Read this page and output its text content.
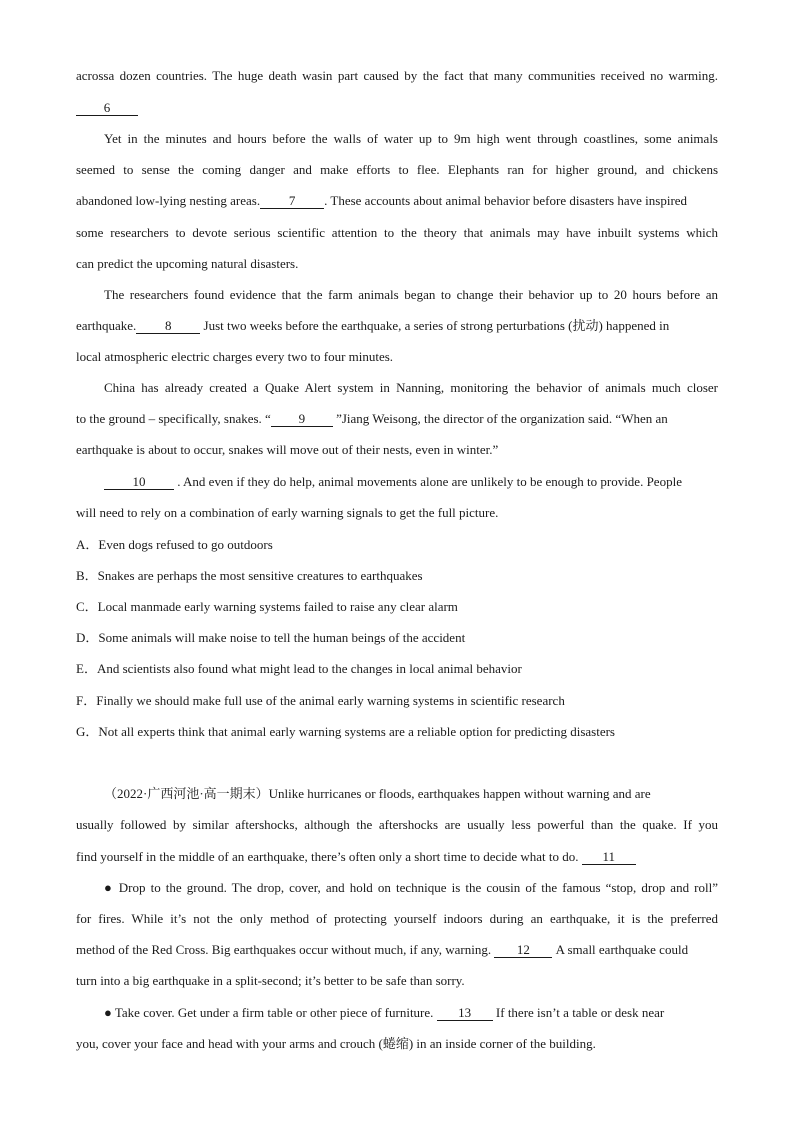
acrossa dozen countries. The huge death wasin part caused by the fact that many communities received no warming.
6
Yet in the minutes and hours before the walls of water up to 9m high went through coastlines, some animals
seemed to sense the coming danger and make efforts to flee. Elephants ran for higher ground, and chickens
abandoned low-lying nesting areas. 7 . These accounts about animal behavior before disasters have inspired
some researchers to devote serious scientific attention to the theory that animals may have inbuilt systems which
can predict the upcoming natural disasters.
The researchers found evidence that the farm animals began to change their behavior up to 20 hours before an
earthquake. 8 Just two weeks before the earthquake, a series of strong perturbations (扰动) happened in
local atmospheric electric charges every two to four minutes.
China has already created a Quake Alert system in Nanning, monitoring the behavior of animals much closer
to the ground – specifically, snakes. “ 9 ”Jiang Weisong, the director of the organization said. “When an
earthquake is about to occur, snakes will move out of their nests, even in winter.”
10 . And even if they do help, animal movements alone are unlikely to be enough to provide. People
will need to rely on a combination of early warning signals to get the full picture.
A．Even dogs refused to go outdoors
B．Snakes are perhaps the most sensitive creatures to earthquakes
C．Local manmade early warning systems failed to raise any clear alarm
D．Some animals will make noise to tell the human beings of the accident
E．And scientists also found what might lead to the changes in local animal behavior
F．Finally we should make full use of the animal early warning systems in scientific research
G．Not all experts think that animal early warning systems are a reliable option for predicting disasters
（2022·广西河池·高一期末）Unlike hurricanes or floods, earthquakes happen without warning and are
usually followed by similar aftershocks, although the aftershocks are usually less powerful than the quake. If you
find yourself in the middle of an earthquake, there’s often only a short time to decide what to do. 11
● Drop to the ground. The drop, cover, and hold on technique is the cousin of the famous “stop, drop and roll”
for fires. While it’s not the only method of protecting yourself indoors during an earthquake, it is the preferred
method of the Red Cross. Big earthquakes occur without much, if any, warning. 12 A small earthquake could
turn into a big earthquake in a split-second; it’s better to be safe than sorry.
● Take cover. Get under a firm table or other piece of furniture. 13 If there isn’t a table or desk near
you, cover your face and head with your arms and crouch (蜷缩) in an inside corner of the building.
